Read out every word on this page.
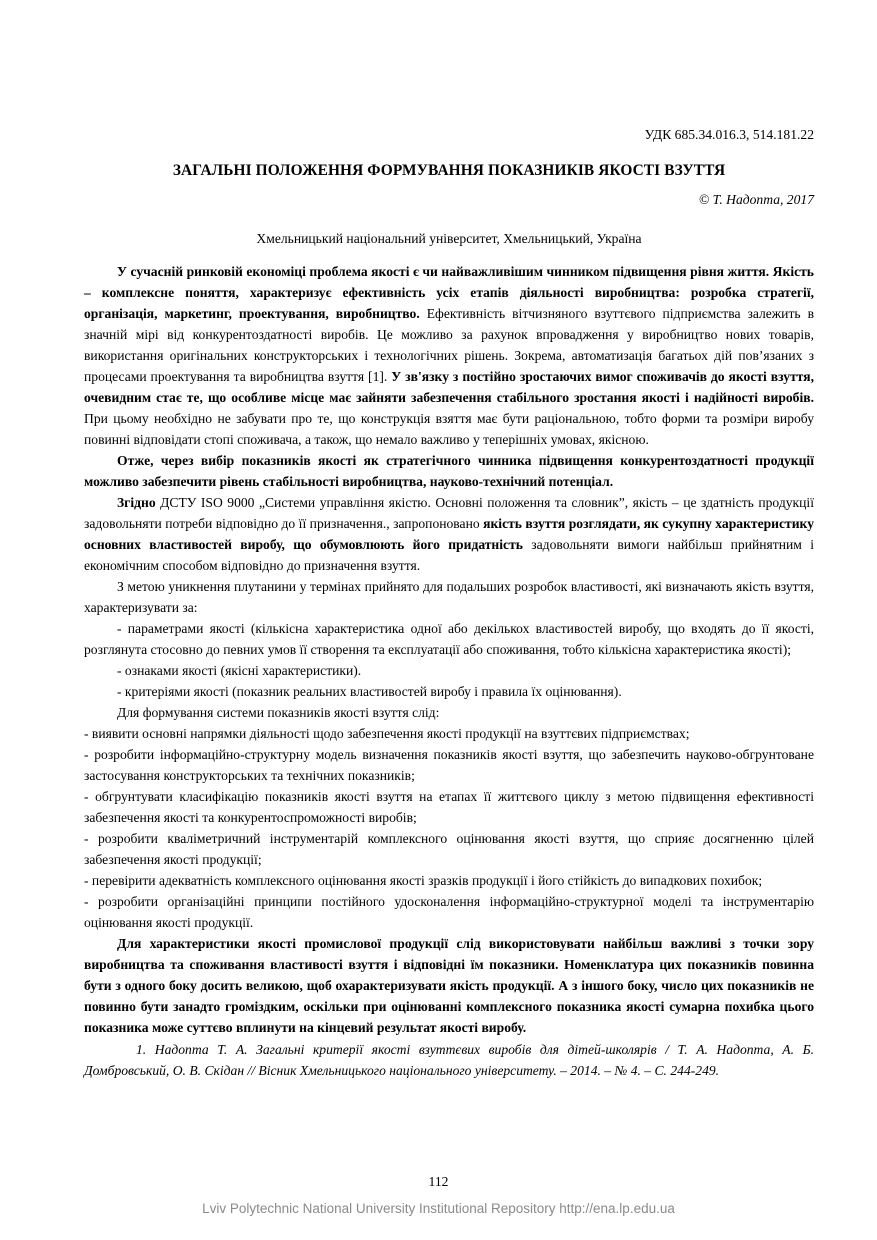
УДК 685.34.016.3, 514.181.22
ЗАГАЛЬНІ ПОЛОЖЕННЯ ФОРМУВАННЯ ПОКАЗНИКІВ ЯКОСТІ ВЗУТТЯ
© Т. Надопта, 2017
Хмельницький національний університет, Хмельницький, Україна

У сучасній ринковій економіці проблема якості є чи найважливішим чинником підвищення рівня життя. Якість – комплексне поняття, характеризує ефективність усіх етапів діяльності виробництва: розробка стратегії, організація, маркетинг, проектування, виробництво. Ефективність вітчизняного взуттєвого підприємства залежить в значній мірі від конкурентоздатності виробів. Це можливо за рахунок впровадження у виробництво нових товарів, використання оригінальних конструкторських і технологічних рішень. Зокрема, автоматизація багатьох дій пов’язаних з процесами проектування та виробництва взуття [1]. У зв'язку з постійно зростаючих вимог споживачів до якості взуття, очевидним стає те, що особливе місце має зайняти забезпечення стабільного зростання якості і надійності виробів. При цьому необхідно не забувати про те, що конструкція взяття має бути раціональною, тобто форми та розміри виробу повинні відповідати стопі споживача, а також, що немало важливо у теперішніх умовах, якісною.

Отже, через вибір показників якості як стратегічного чинника підвищення конкурентоздатності продукції можливо забезпечити рівень стабільності виробництва, науково-технічний потенціал.

Згідно ДСТУ ISO 9000 „Системи управління якістю. Основні положення та словник”, якість – це здатність продукції задовольняти потреби відповідно до її призначення., запропоновано якість взуття розглядати, як сукупну характеристику основних властивостей виробу, що обумовлюють його придатність задовольняти вимоги найбільш прийнятним і економічним способом відповідно до призначення взуття.

З метою уникнення плутанини у термінах прийнято для подальших розробок властивості, які визначають якість взуття, характеризувати за:

- параметрами якості (кількісна характеристика одної або декількох властивостей виробу, що входять до її якості, розглянута стосовно до певних умов її створення та експлуатації або споживання, тобто кількісна характеристика якості);

- ознаками якості (якісні характеристики).

- критеріями якості (показник реальних властивостей виробу і правила їх оцінювання).

Для формування системи показників якості взуття слід:

- виявити основні напрямки діяльності щодо забезпечення якості продукції на взуттєвих підприємствах;

- розробити інформаційно-структурну модель визначення показників якості взуття, що забезпечить науково-обгрунтоване застосування конструкторських та технічних показників;

- обгрунтувати класифікацію показників якості взуття на етапах її життєвого циклу з метою підвищення ефективності забезпечення якості та конкурентоспроможності виробів;

- розробити кваліметричний інструментарій комплексного оцінювання якості взуття, що сприяє досягненню цілей забезпечення якості продукції;

- перевірити адекватність комплексного оцінювання якості зразків продукції і його стійкість до випадкових похибок;

- розробити організаційні принципи постійного удосконалення інформаційно-структурної моделі та інструментарію оцінювання якості продукції.

Для характеристики якості промислової продукції слід використовувати найбільш важливі з точки зору виробництва та споживання властивості взуття і відповідні їм показники. Номенклатура цих показників повинна бути з одного боку досить великою, щоб охарактеризувати якість продукції. А з іншого боку, число цих показників не повинно бути занадто громіздким, оскільки при оцінюванні комплексного показника якості сумарна похибка цього показника може суттєво вплинути на кінцевий результат якості виробу.

1. Надопта Т. А. Загальні критерії якості взуттєвих виробів для дітей-школярів / Т. А. Надопта, А. Б. Домбровський, О. В. Скідан // Вісник Хмельницького національного університету. – 2014. – № 4. – С. 244-249.

112
Lviv Polytechnic National University Institutional Repository http://ena.lp.edu.ua
